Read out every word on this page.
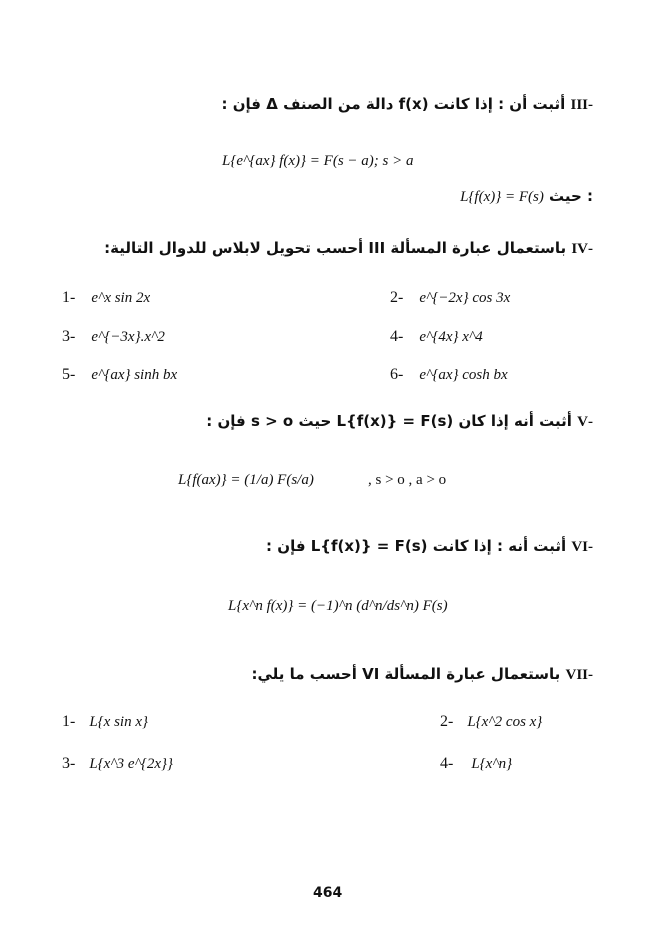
-III أثبت أن : إذا كانت f(x) دالة من الصنف Δ فإن :
L{e^{ax} f(x)} = F(s − a); s > a
: حيث L{f(x)} = F(s)
-IV باستعمال عبارة المسألة III أحسب تحويل لابلاس للدوال التالية:
1- e^x sin 2x	2- e^{−2x} cos 3x
3- e^{−3x}.x^2	4- e^{4x} x^4
5- e^{ax} sinh bx	6- e^{ax} cosh bx
-V أثبت أنه إذا كان L{f(x)} = F(s) حيث s > o فإن :
L{f(ax)} = (1/a) F(s/a)	, s > o , a > o
-VI أثبت أنه : إذا كانت L{f(x)} = F(s) فإن :
L{x^n f(x)} = (−1)^n (d^n/ds^n) F(s)
-VII باستعمال عبارة المسألة VI أحسب ما يلي:
1- L{x sin x}	2- L{x^2 cos x}
3- L{x^3 e^{2x}}	4- L{x^n}
464
